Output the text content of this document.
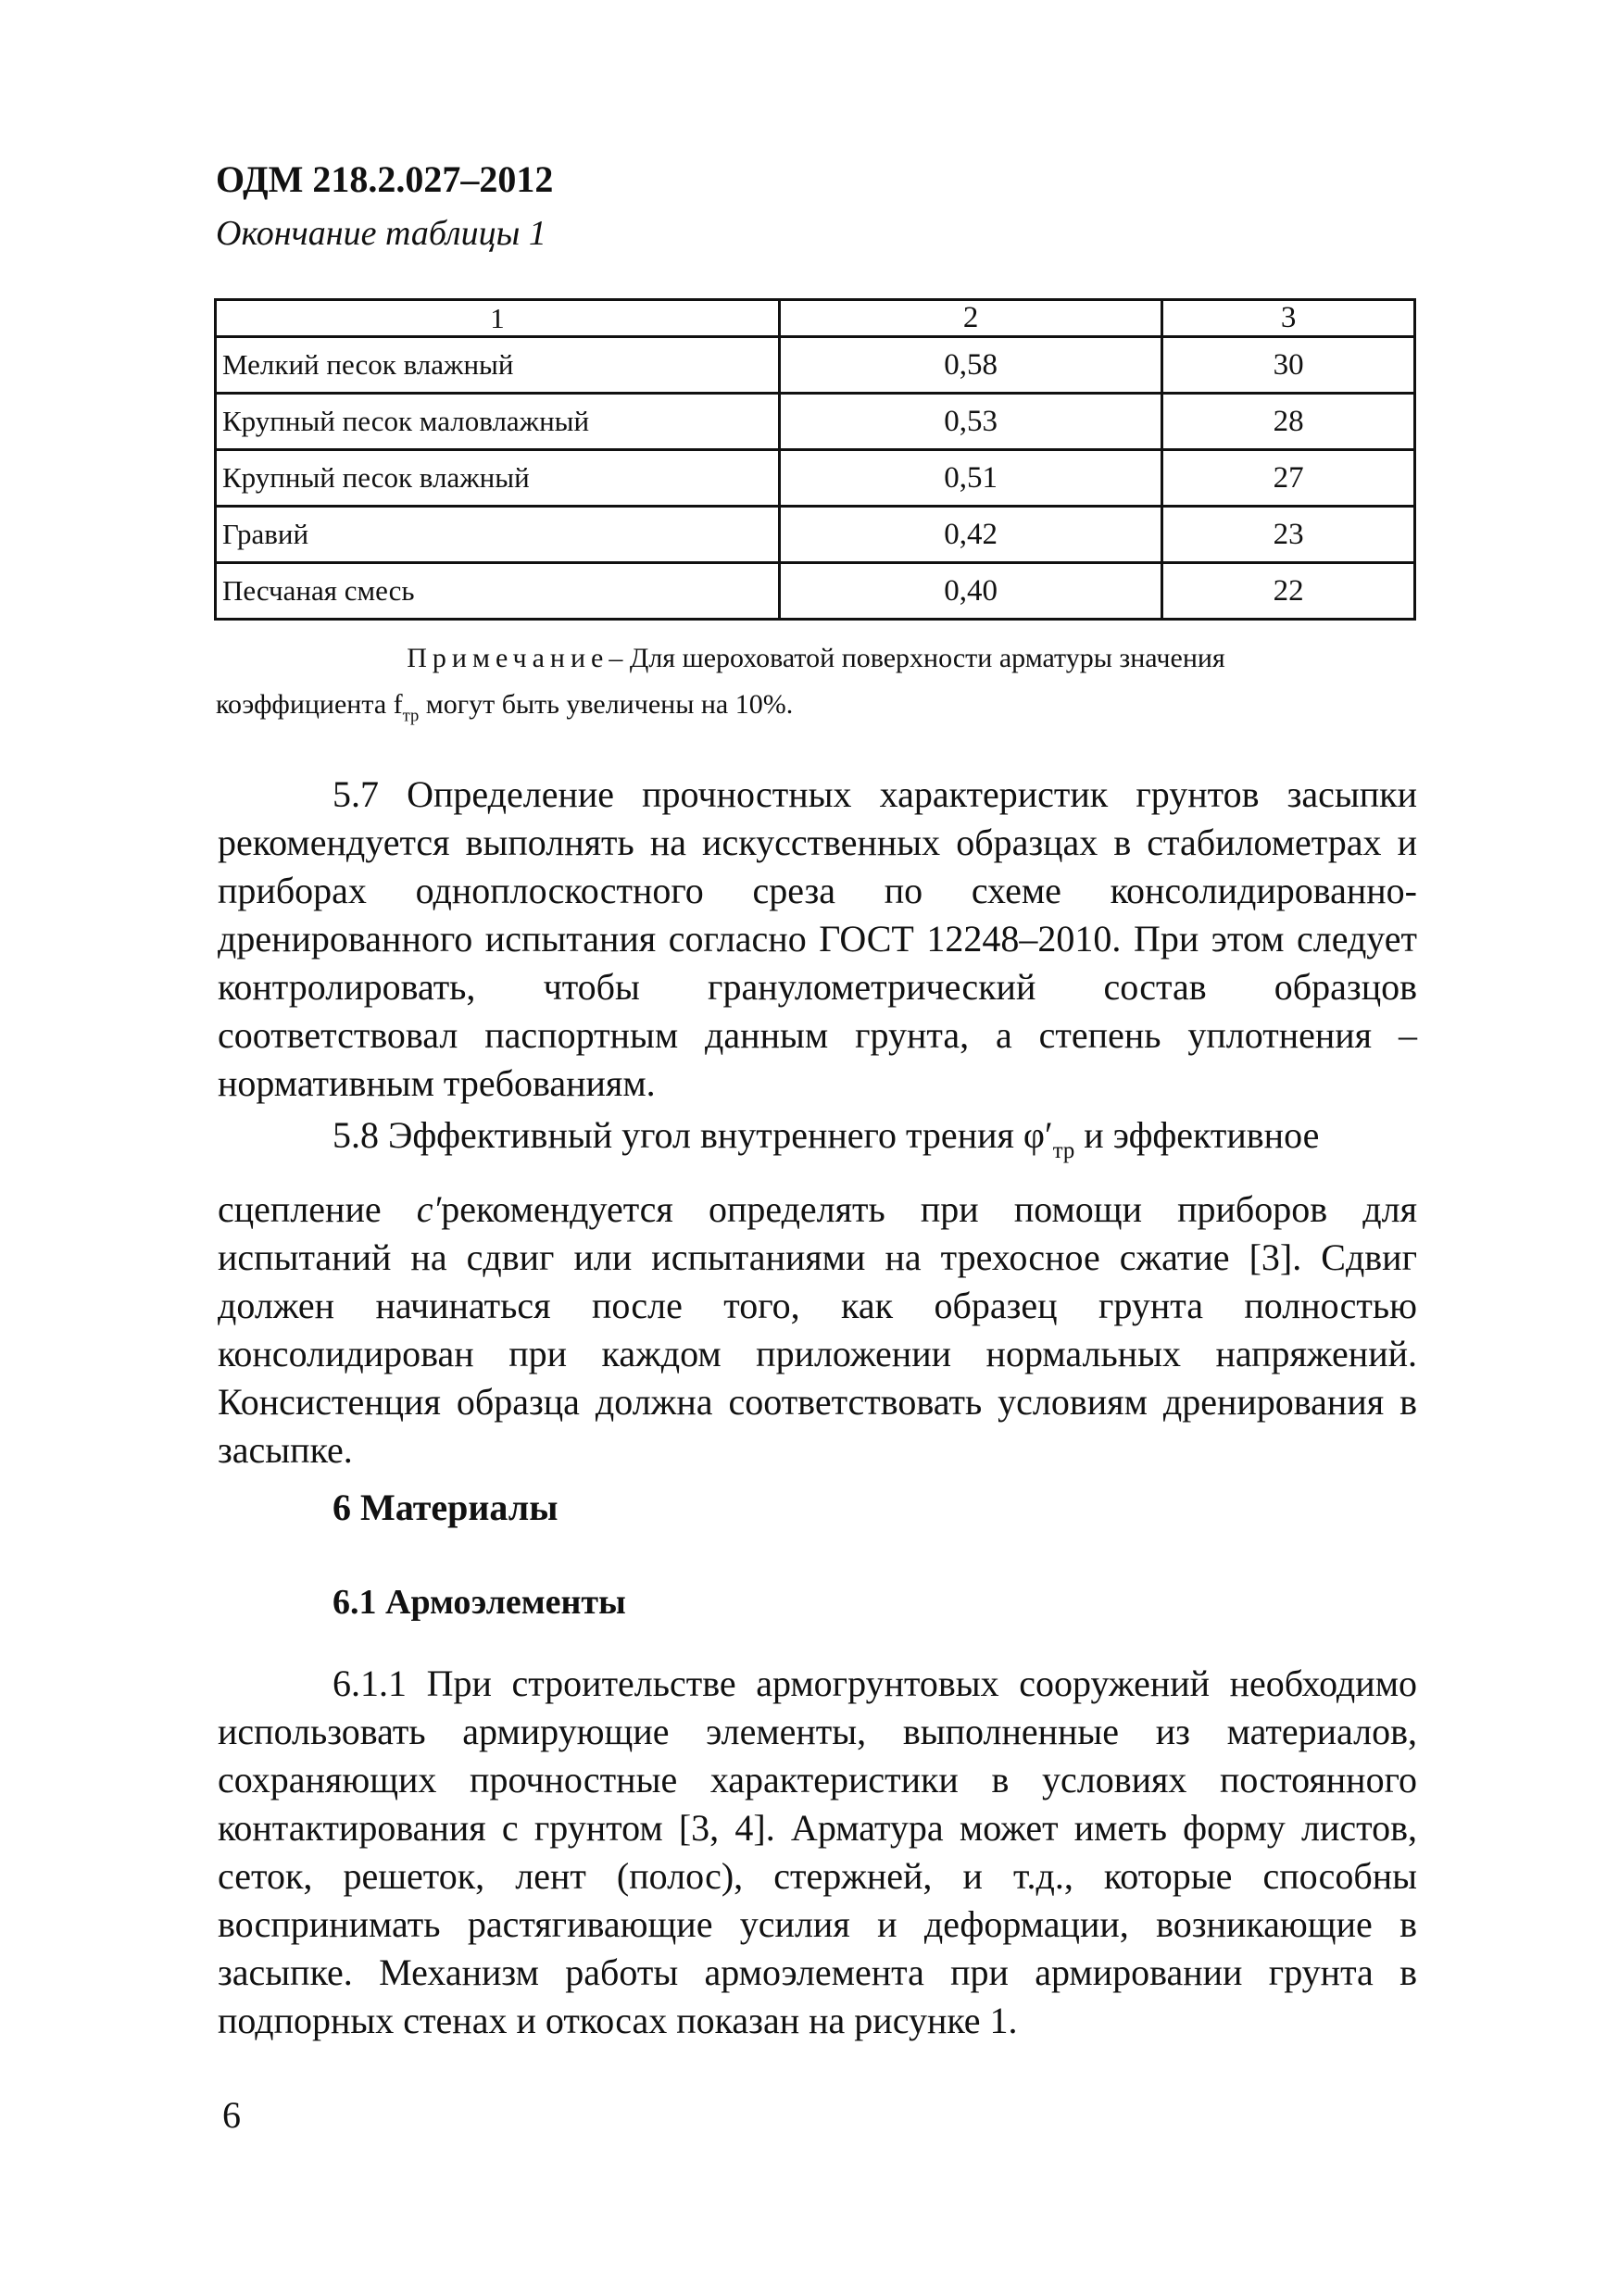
ОДМ 218.2.027–2012
Окончание таблицы 1
1	2	3
Мелкий песок влажный	0,58	30
Крупный песок маловлажный	0,53	28
Крупный песок влажный	0,51	27
Гравий	0,42	23
Песчаная смесь	0,40	22
Примечание– Для шероховатой поверхности арматуры значения
коэффициента $f_{тр}$ могут быть увеличены на 10%.
5.7 Определение прочностных характеристик грунтов засыпки рекомендуется выполнять на искусственных образцах в стабилометрах и приборах одноплоскостного среза по схеме консолидированно-дренированного испытания согласно ГОСТ 12248–2010. При этом следует контролировать, чтобы гранулометрический состав образцов соответствовал паспортным данным грунта, а степень уплотнения – нормативным требованиям.
5.8 Эффективный угол внутреннего трения $\varphi'_{тр}$ и эффективное
сцепление c′рекомендуется определять при помощи приборов для испытаний на сдвиг или испытаниями на трехосное сжатие [3]. Сдвиг должен начинаться после того, как образец грунта полностью консолидирован при каждом приложении нормальных напряжений. Консистенция образца должна соответствовать условиям дренирования в засыпке.
6 Материалы
6.1 Армоэлементы
6.1.1 При строительстве армогрунтовых сооружений необходимо использовать армирующие элементы, выполненные из материалов, сохраняющих прочностные характеристики в условиях постоянного контактирования с грунтом [3, 4]. Арматура может иметь форму листов, сеток, решеток, лент (полос), стержней, и т.д., которые способны воспринимать растягивающие усилия и деформации, возникающие в засыпке. Механизм работы армоэлемента при армировании грунта в подпорных стенах и откосах показан на рисунке 1.
6
